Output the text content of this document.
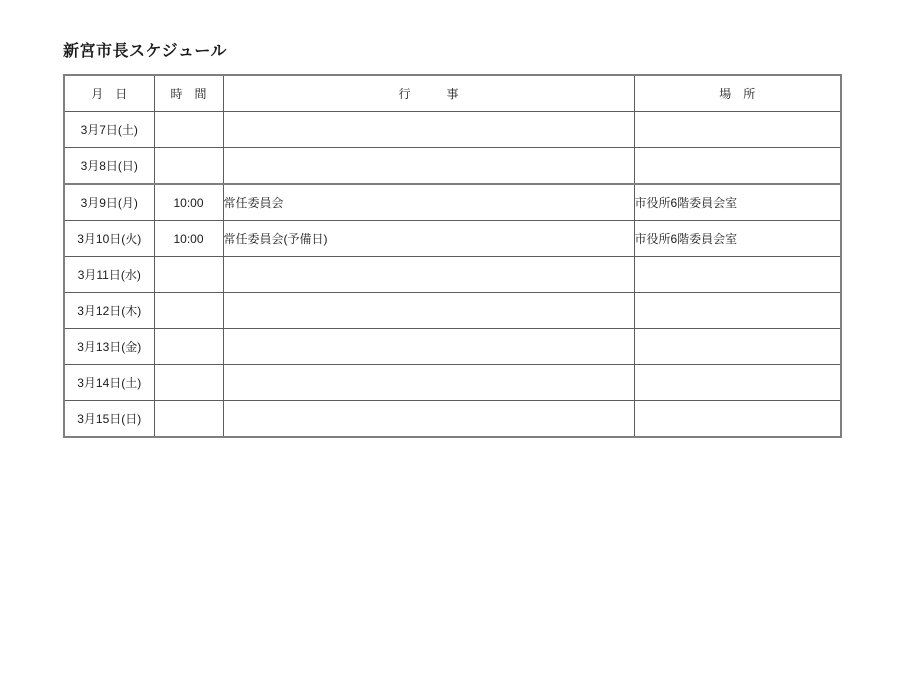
新宮市長スケジュール
月　日	時　間	行　　　事	場　所
3月7日(土)			
3月8日(日)			
3月9日(月)	10:00	常任委員会	市役所6階委員会室
3月10日(火)	10:00	常任委員会(予備日)	市役所6階委員会室
3月11日(水)			
3月12日(木)			
3月13日(金)			
3月14日(土)			
3月15日(日)			
